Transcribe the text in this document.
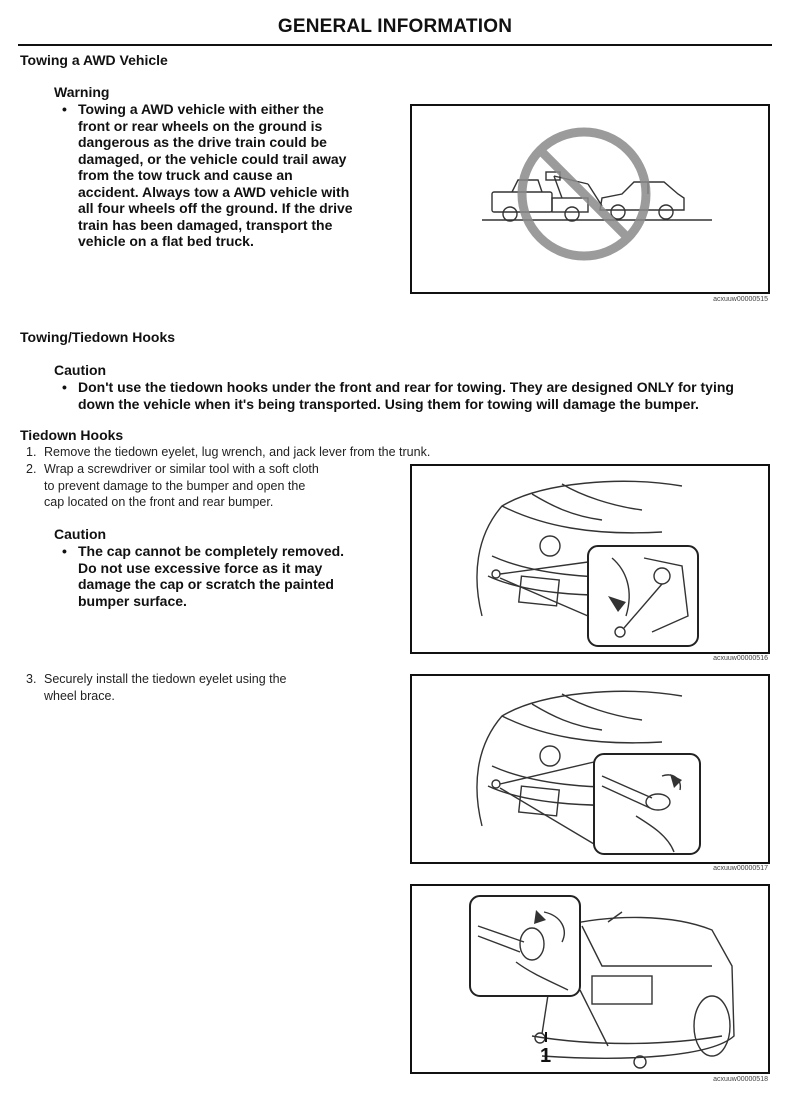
GENERAL INFORMATION
Towing a AWD Vehicle
Warning
• Towing a AWD vehicle with either the
front or rear wheels on the ground is
dangerous as the drive train could be
damaged, or the vehicle could trail away
from the tow truck and cause an
accident. Always tow a AWD vehicle with
all four wheels off the ground. If the drive
train has been damaged, transport the
vehicle on a flat bed truck.
acxuuw00000515
Towing/Tiedown Hooks
Caution
• Don't use the tiedown hooks under the front and rear for towing. They are designed ONLY for tying
down the vehicle when it's being transported. Using them for towing will damage the bumper.
Tiedown Hooks
1. Remove the tiedown eyelet, lug wrench, and jack lever from the trunk.
2. Wrap a screwdriver or similar tool with a soft cloth
to prevent damage to the bumper and open the
cap located on the front and rear bumper.
Caution
• The cap cannot be completely removed.
Do not use excessive force as it may
damage the cap or scratch the painted
bumper surface.
acxuuw00000516
3. Securely install the tiedown eyelet using the
wheel brace.
acxuuw00000517
1
acxuuw00000518
